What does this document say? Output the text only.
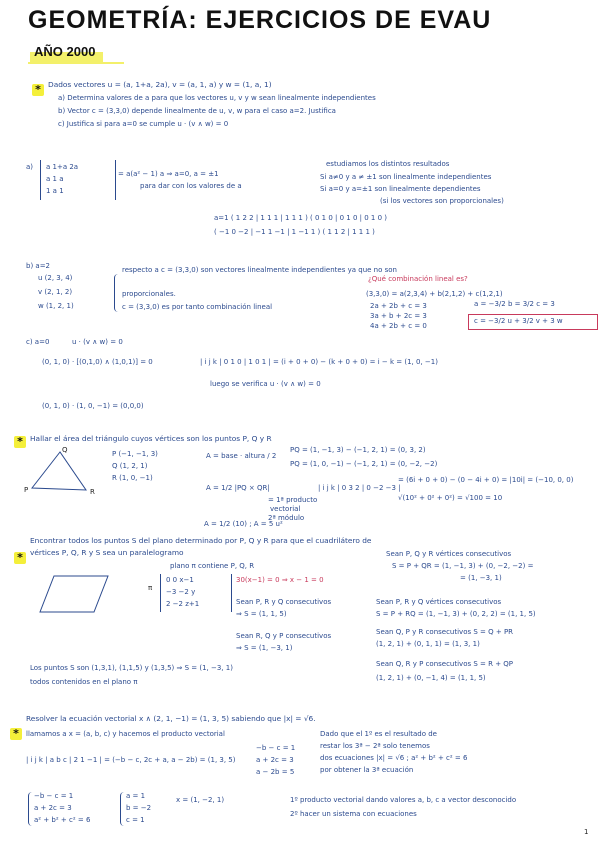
GEOMETRÍA: EJERCICIOS DE EVAU
AÑO 2000
* Dados vectores u = (a, 1+a, 2a), v = (a, 1, a) y w = (1, a, 1)
a) Determina valores de a para que los vectores u, v y w sean linealmente independientes
b) Vector c = (3,3,0) depende linealmente de u, v, w para el caso a=2. Justifica
c) Justifica si para a=0 se cumple u · (v ∧ w) = 0
a) a 1+a 2a
a 1 a
1 a 1
= a(a² − 1) a ⇒ a=0, a = ±1
para dar con los valores de a
estudiamos los distintos resultados
Si a≠0 y a ≠ ±1 son linealmente independientes
Si a=0 y a=±1 son linealmente dependientes
(si los vectores son proporcionales)
a=1 ( 1 2 2 | 1 1 1 | 1 1 1 ) ( 0 1 0 | 0 1 0 | 0 1 0 )
( −1 0 −2 | −1 1 −1 | 1 −1 1 ) ( 1 1 2 | 1 1 1 )
b) a=2
u (2, 3, 4)
v (2, 1, 2)
w (1, 2, 1)
respecto a c = (3,3,0) son vectores linealmente independientes ya que no son
proporcionales.
c = (3,3,0) es por tanto combinación lineal
¿Qué combinación lineal es?
(3,3,0) = a(2,3,4) + b(2,1,2) + c(1,2,1)
2a + 2b + c = 3
3a + b + 2c = 3
4a + 2b + c = 0
a = −3/2 b = 3/2 c = 3
c = −3/2 u + 3/2 v + 3 w
c) a=0	u · (v ∧ w) = 0
(0, 1, 0) · [(0,1,0) ∧ (1,0,1)] = 0	| i j k | 0 1 0 | 1 0 1 | = (i + 0 + 0) − (k + 0 + 0) = i − k = (1, 0, −1)
(0, 1, 0) · (1, 0, −1) = (0,0,0)
luego se verifica u · (v ∧ w) = 0
* Hallar el área del triángulo cuyos vértices son los puntos P, Q y R
Q
P	R
P (−1, −1, 3)
Q (1, 2, 1)
R (1, 0, −1)
A = base · altura / 2
PQ = (1, −1, 3) − (−1, 2, 1) = (0, 3, 2)
PQ = (1, 0, −1) − (−1, 2, 1) = (0, −2, −2)
A = 1/2 |PQ × QR|
= 1ª producto
vectorial
2ª módulo
| i j k | 0 3 2 | 0 −2 −3 |
= (6i + 0 + 0) − (0 − 4i + 0) = |10i| = (−10, 0, 0)
√(10² + 0² + 0²) = √100 = 10
A = 1/2 (10) ; A = 5 u²
*
Encontrar todos los puntos S del plano determinado por P, Q y R para que el cuadrilátero de
vértices P, Q, R y S sea un paralelogramo
plano π contiene P, Q, R
π
0 0 x−1
−3 −2 y
2 −2 z+1
30(x−1) = 0 ⇒ x − 1 = 0
Sean P, R y Q consecutivos
⇒ S = (1, 1, 5)
Sean R, Q y P consecutivos
⇒ S = (1, −3, 1)
Sean P, Q y R vértices consecutivos
S = P + QR = (1, −1, 3) + (0, −2, −2) =
= (1, −3, 1)
Sean P, R y Q vértices consecutivos
S = P + RQ = (1, −1, 3) + (0, 2, 2) = (1, 1, 5)
Sean Q, P y R consecutivos S = Q + PR
(1, 2, 1) + (0, 1, 1) = (1, 3, 1)
Sean Q, R y P consecutivos S = R + QP
(1, 2, 1) + (0, −1, 4) = (1, 1, 5)
Los puntos S son (1,3,1), (1,1,5) y (1,3,5) ⇒ S = (1, −3, 1)
todos contenidos en el plano π
*
Resolver la ecuación vectorial x ∧ (2, 1, −1) = (1, 3, 5) sabiendo que |x| = √6.
llamamos a x = (a, b, c) y hacemos el producto vectorial
| i j k | a b c | 2 1 −1 | = (−b − c, 2c + a, a − 2b) = (1, 3, 5)
−b − c = 1
a + 2c = 3
a − 2b = 5
Dado que el 1º es el resultado de
restar los 3ª − 2ª solo tenemos
dos ecuaciones |x| = √6 ; a² + b² + c² = 6
por obtener la 3ª ecuación
−b − c = 1
a + 2c = 3
a² + b² + c² = 6
a = 1
b = −2
c = 1
x = (1, −2, 1)	1º producto vectorial dando valores a, b, c a vector desconocido
2º hacer un sistema con ecuaciones
1
